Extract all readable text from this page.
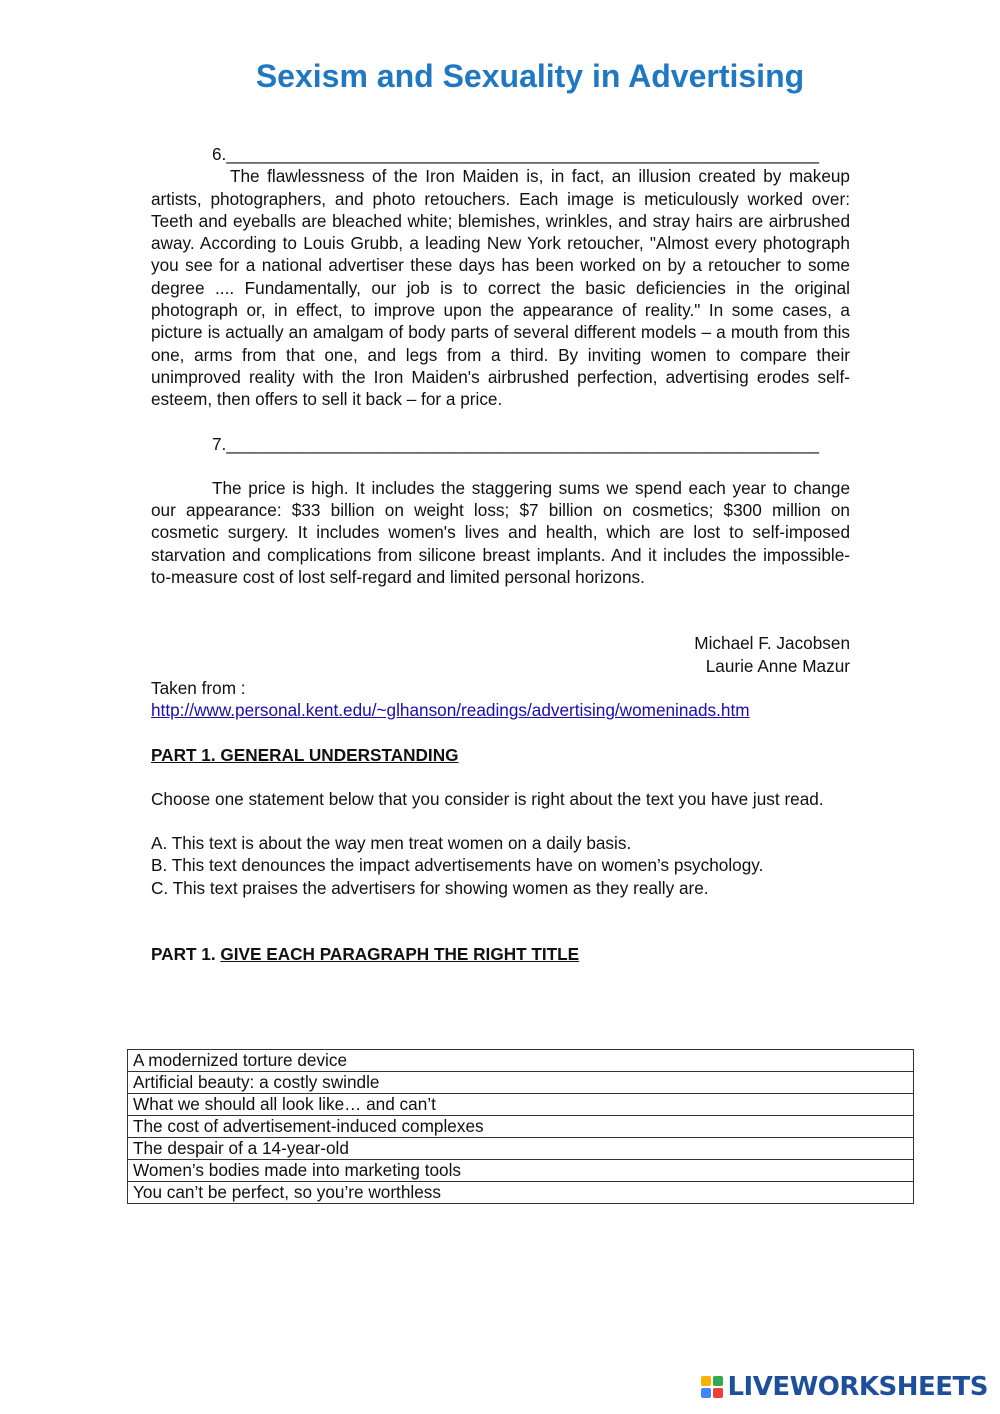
Sexism and Sexuality in Advertising
6.______________________________________________________________

The flawlessness of the Iron Maiden is, in fact, an illusion created by makeup artists, photographers, and photo retouchers. Each image is meticulously worked over: Teeth and eyeballs are bleached white; blemishes, wrinkles, and stray hairs are airbrushed away. According to Louis Grubb, a leading New York retoucher, "Almost every photograph you see for a national advertiser these days has been worked on by a retoucher to some degree .... Fundamentally, our job is to correct the basic deficiencies in the original photograph or, in effect, to improve upon the appearance of reality." In some cases, a picture is actually an amalgam of body parts of several different models – a mouth from this one, arms from that one, and legs from a third. By inviting women to compare their unimproved reality with the Iron Maiden's airbrushed perfection, advertising erodes self-esteem, then offers to sell it back – for a price.

7.______________________________________________________________

The price is high. It includes the staggering sums we spend each year to change our appearance: $33 billion on weight loss; $7 billion on cosmetics; $300 million on cosmetic surgery. It includes women's lives and health, which are lost to self-imposed starvation and complications from silicone breast implants. And it includes the impossible-to-measure cost of lost self-regard and limited personal horizons.

Michael F. Jacobsen
Laurie Anne Mazur
Taken from :
http://www.personal.kent.edu/~glhanson/readings/advertising/womeninads.htm
PART 1. GENERAL UNDERSTANDING
Choose one statement below that you consider is right about the text you have just read.
A. This text is about the way men treat women on a daily basis.
B. This text denounces the impact advertisements have on women’s psychology.
C. This text praises the advertisers for showing women as they really are.
PART 1. GIVE EACH PARAGRAPH THE RIGHT TITLE
A modernized torture device
Artificial beauty: a costly swindle
What we should all look like… and can’t
The cost of advertisement-induced complexes
The despair of a 14-year-old
Women’s bodies made into marketing tools
You can’t be perfect, so you’re worthless
LIVEWORKSHEETS
